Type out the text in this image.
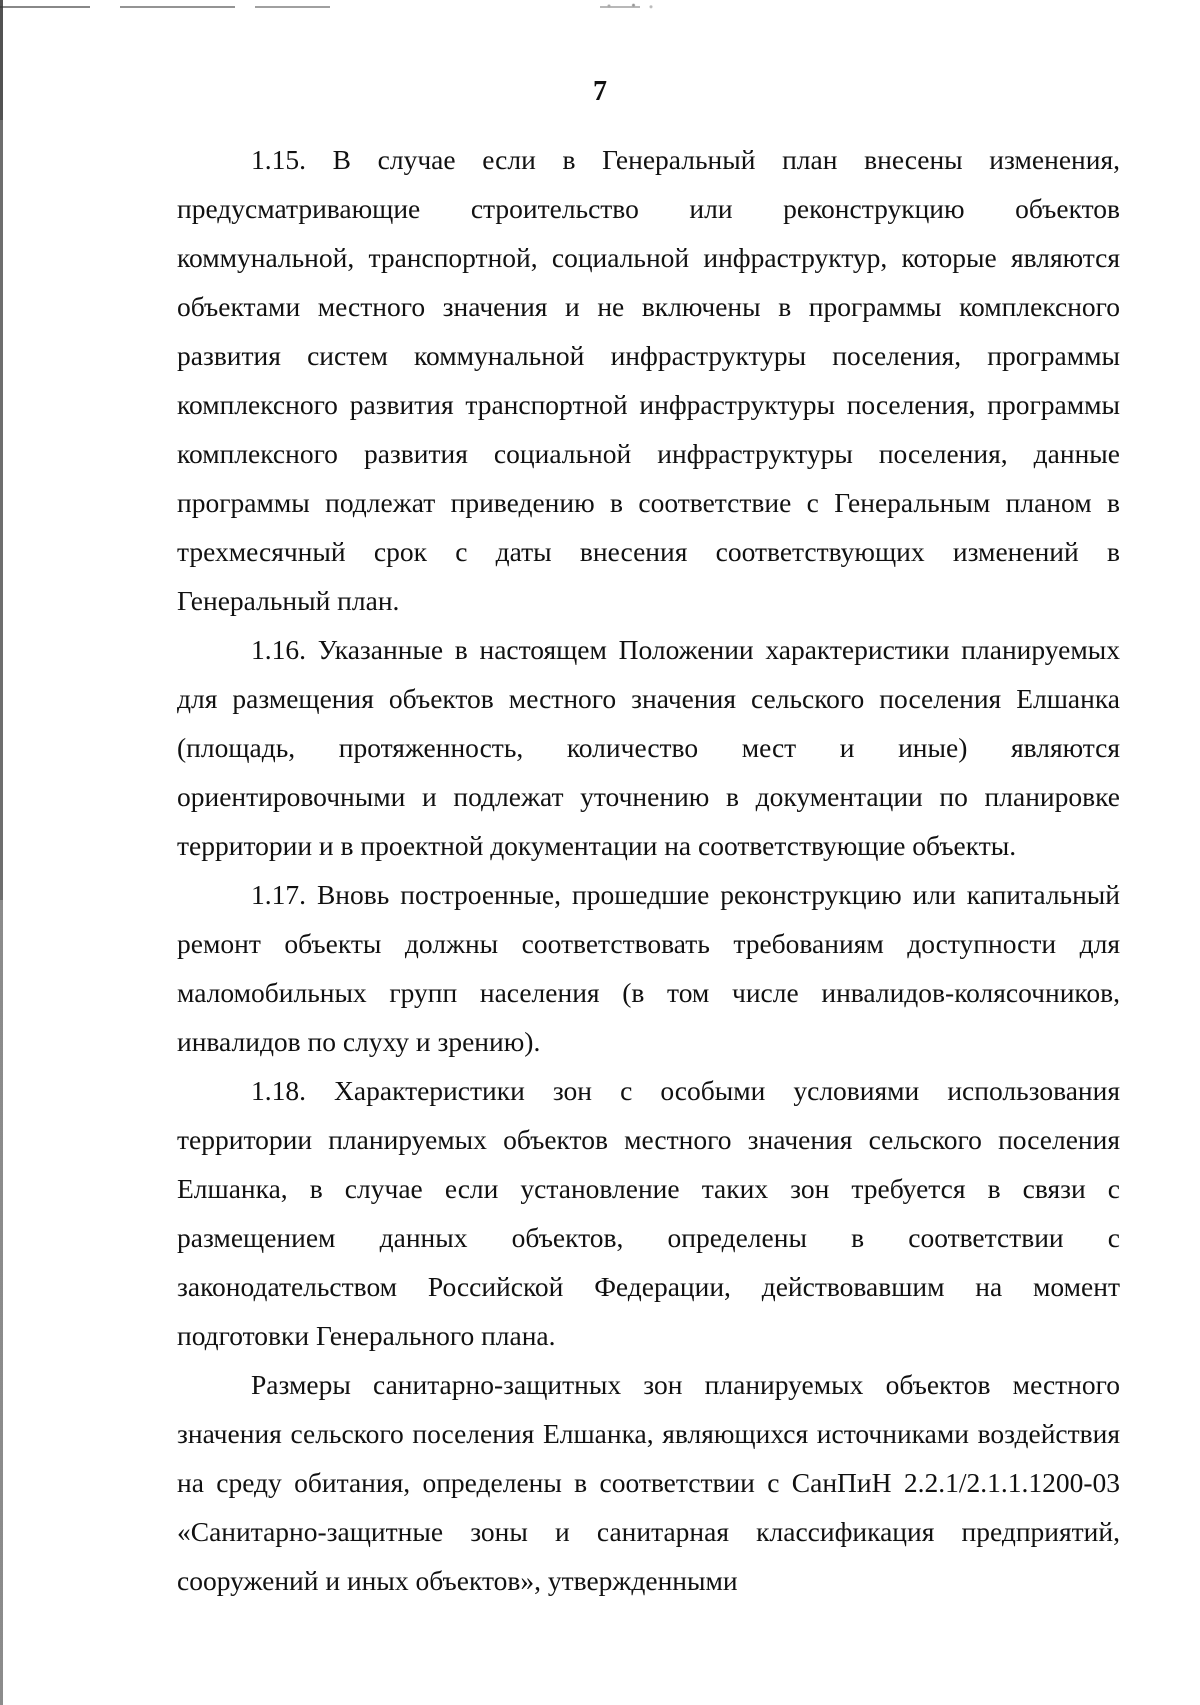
7

1.15. В случае если в Генеральный план внесены изменения, предусматривающие строительство или реконструкцию объектов коммунальной, транспортной, социальной инфраструктур, которые являются объектами местного значения и не включены в программы комплексного развития систем коммунальной инфраструктуры поселения, программы комплексного развития транспортной инфраструктуры поселения, программы комплексного развития социальной инфраструктуры поселения, данные программы подлежат приведению в соответствие с Генеральным планом в трехмесячный срок с даты внесения соответствующих изменений в Генеральный план.

1.16. Указанные в настоящем Положении характеристики планируемых для размещения объектов местного значения сельского поселения Елшанка (площадь, протяженность, количество мест и иные) являются ориентировочными и подлежат уточнению в документации по планировке территории и в проектной документации на соответствующие объекты.

1.17. Вновь построенные, прошедшие реконструкцию или капитальный ремонт объекты должны соответствовать требованиям доступности для маломобильных групп населения (в том числе инвалидов-колясочников, инвалидов по слуху и зрению).

1.18. Характеристики зон с особыми условиями использования территории планируемых объектов местного значения сельского поселения Елшанка, в случае если установление таких зон требуется в связи с размещением данных объектов, определены в соответствии с законодательством Российской Федерации, действовавшим на момент подготовки Генерального плана.

Размеры санитарно-защитных зон планируемых объектов местного значения сельского поселения Елшанка, являющихся источниками воздействия на среду обитания, определены в соответствии с СанПиН 2.2.1/2.1.1.1200-03 «Санитарно-защитные зоны и санитарная классификация предприятий, сооружений и иных объектов», утвержденными
